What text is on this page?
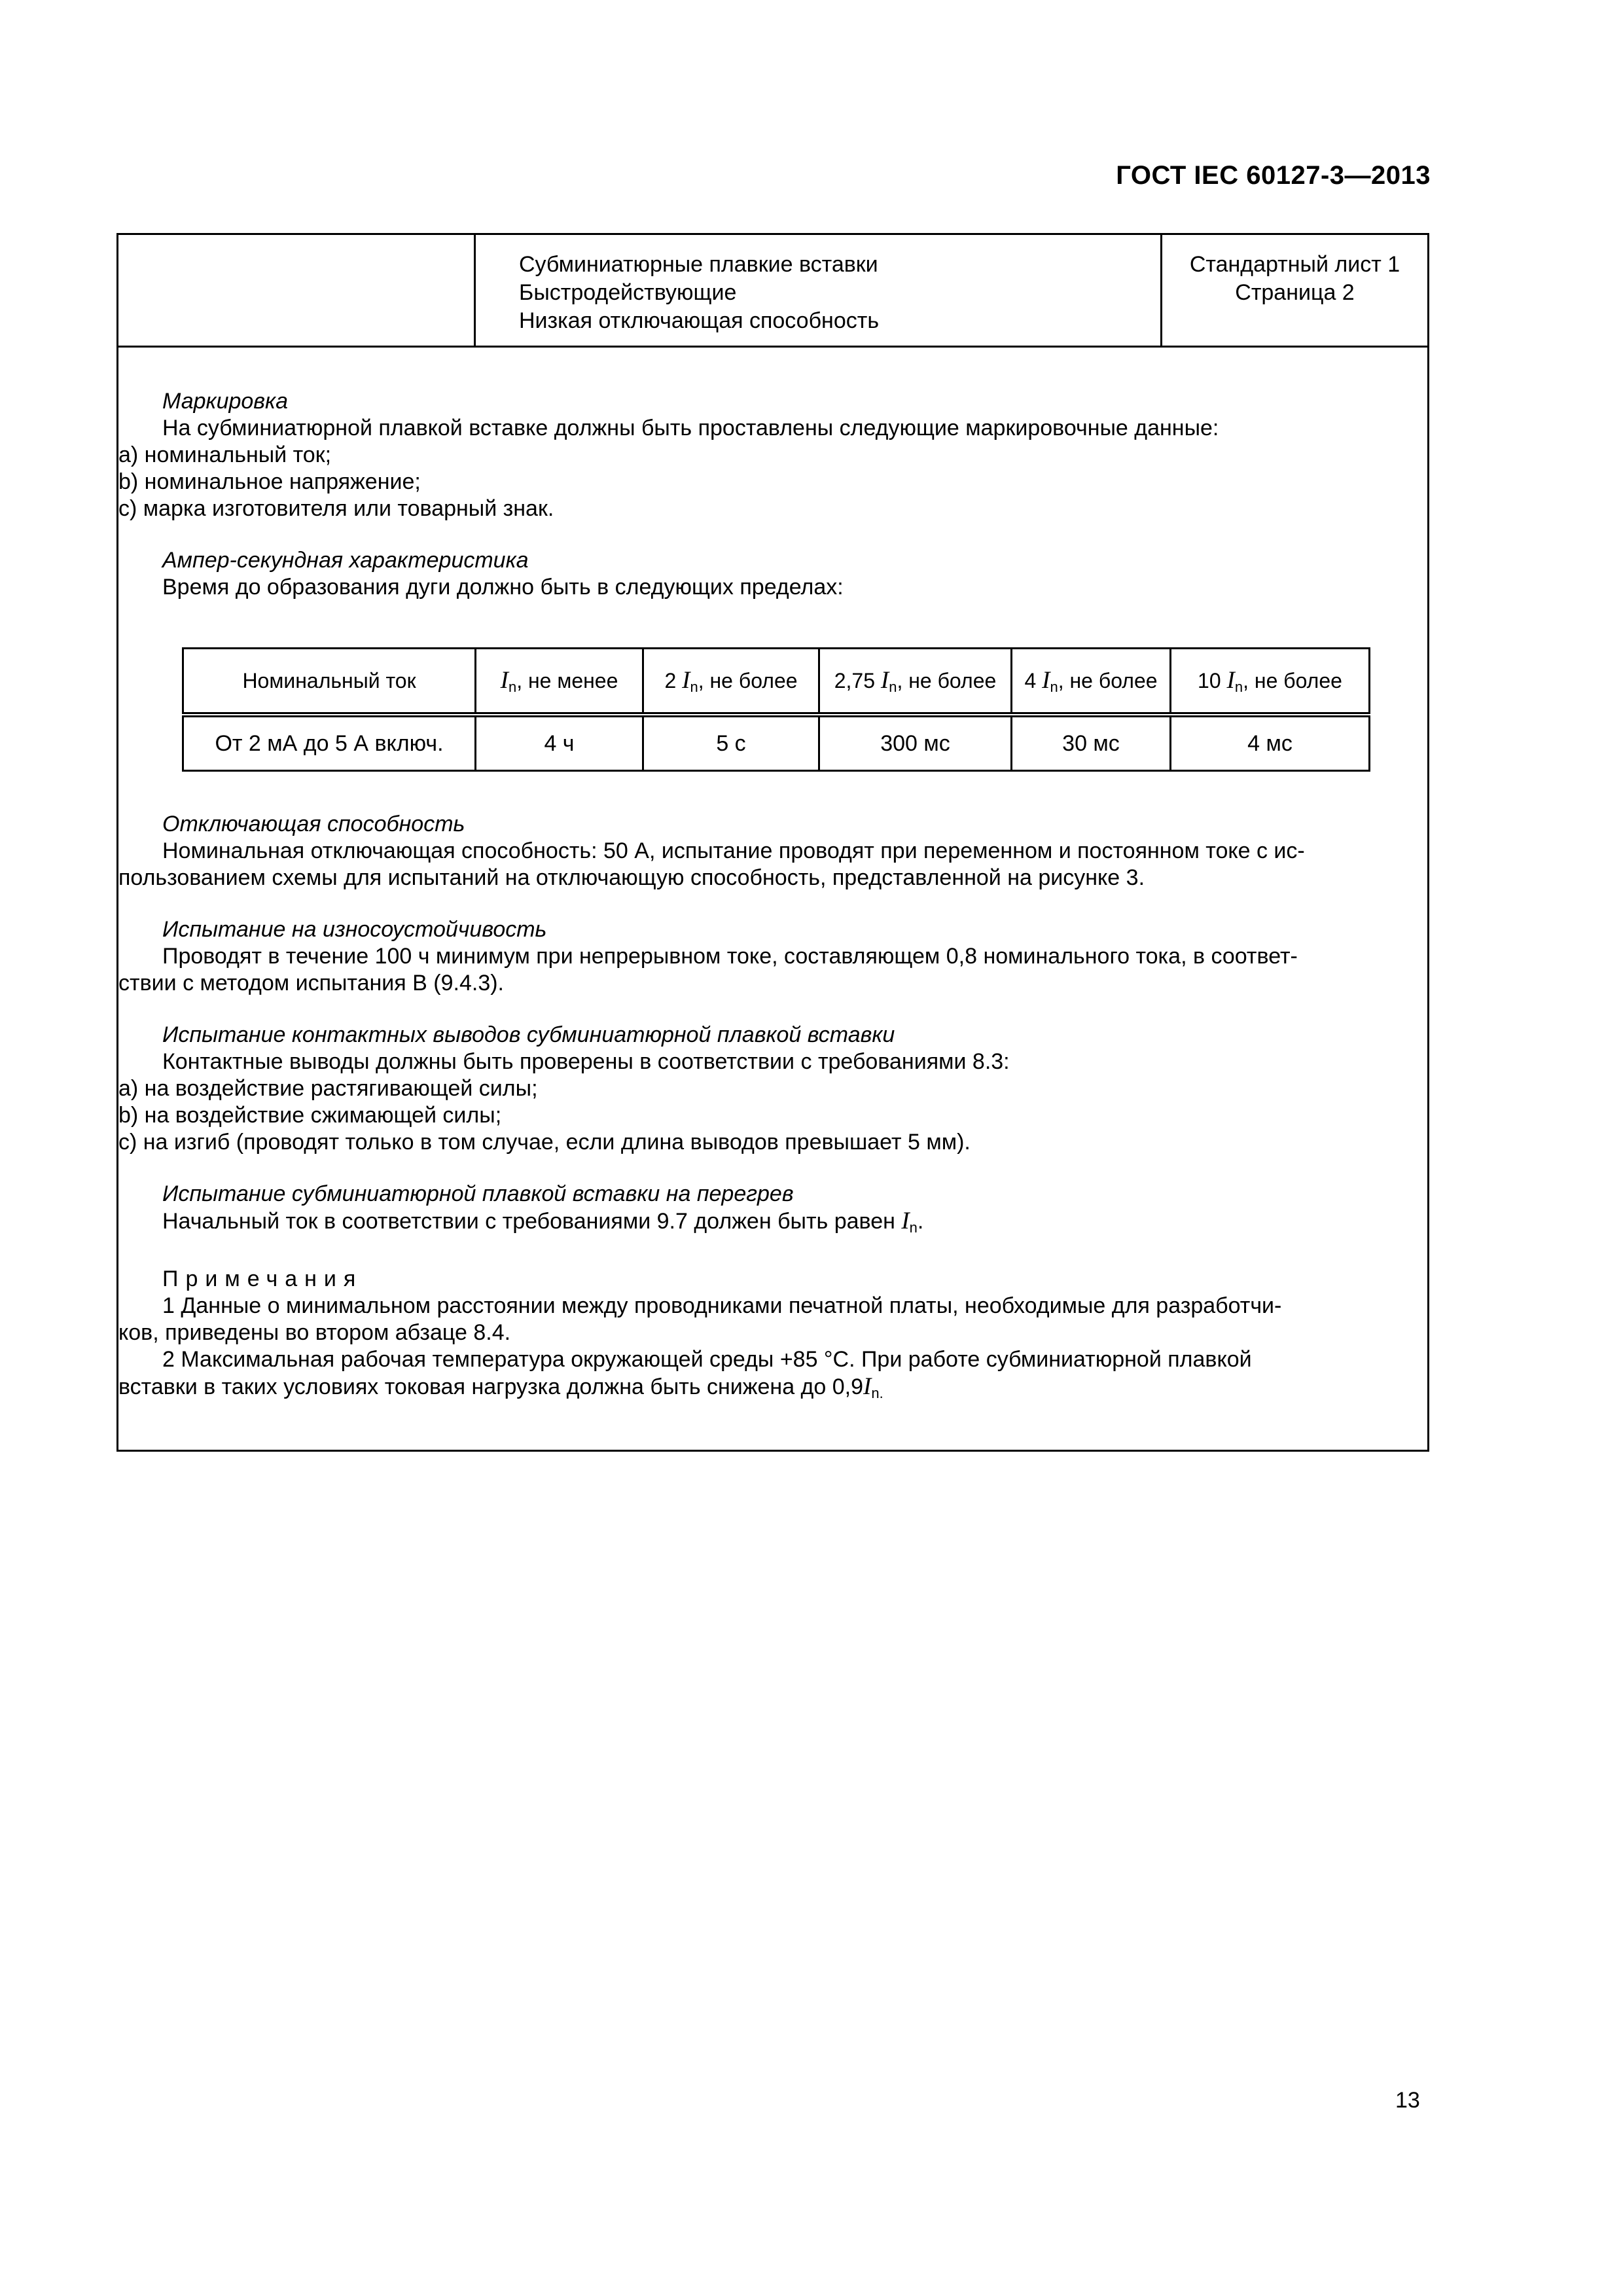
ГОСТ IEC 60127-3—2013
Субминиатюрные плавкие вставки
Быстродействующие
Низкая отключающая способность
Стандартный лист 1
Страница 2
Маркировка
На субминиатюрной плавкой вставке должны быть проставлены следующие маркировочные данные:
а) номинальный ток;
b) номинальное напряжение;
с) марка изготовителя или товарный знак.
Ампер-секундная характеристика
Время до образования дуги должно быть в следующих пределах:
Номинальный ток	$I_n$, не менее	2 $I_n$, не более	2,75 $I_n$, не более	4 $I_n$, не более	10 $I_n$, не более
От 2 мА до 5 А включ.	4 ч	5 с	300 мс	30 мс	4 мс
Отключающая способность
Номинальная отключающая способность: 50 А, испытание проводят при переменном и постоянном токе с ис-
пользованием схемы для испытаний на отключающую способность, представленной на рисунке 3.
Испытание на износоустойчивость
Проводят в течение 100 ч минимум при непрерывном токе, составляющем 0,8 номинального тока, в соответ-
ствии с методом испытания В (9.4.3).
Испытание контактных выводов субминиатюрной плавкой вставки
Контактные выводы должны быть проверены в соответствии с требованиями 8.3:
а) на воздействие растягивающей силы;
b) на воздействие сжимающей силы;
с) на изгиб (проводят только в том случае, если длина выводов превышает 5 мм).
Испытание субминиатюрной плавкой вставки на перегрев
Начальный ток в соответствии с требованиями 9.7 должен быть равен $I_n$.
Примечания
1 Данные о минимальном расстоянии между проводниками печатной платы, необходимые для разработчи-
ков, приведены во втором абзаце 8.4.
2 Максимальная рабочая температура окружающей среды +85 °С. При работе субминиатюрной плавкой
вставки в таких условиях токовая нагрузка должна быть снижена до $0,9I_{n.}$
13
